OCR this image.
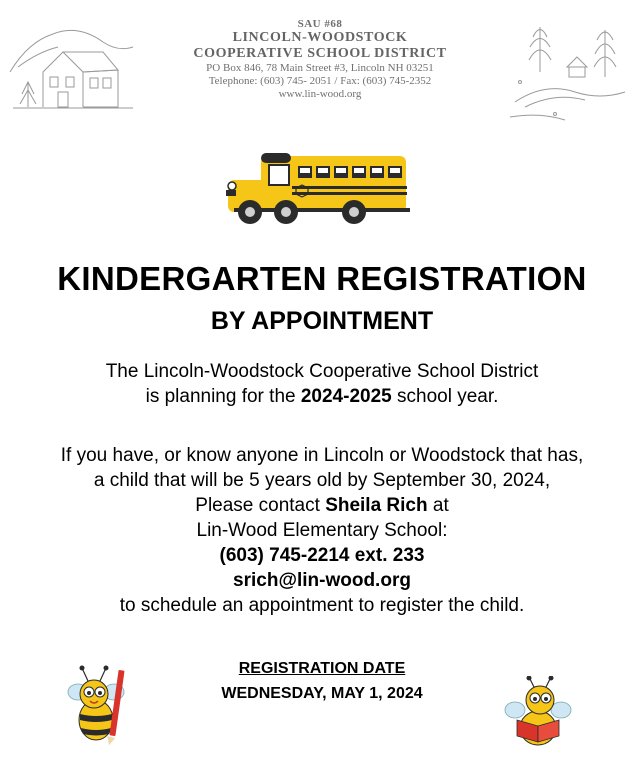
SAU #68
LINCOLN-WOODSTOCK
COOPERATIVE SCHOOL DISTRICT
PO Box 846, 78 Main Street #3, Lincoln NH 03251
Telephone: (603) 745- 2051 / Fax: (603) 745-2352
www.lin-wood.org
KINDERGARTEN REGISTRATION
BY APPOINTMENT
The Lincoln-Woodstock Cooperative School District
is planning for the 2024-2025 school year.
If you have, or know anyone in Lincoln or Woodstock that has,
a child that will be 5 years old by September 30, 2024,
Please contact Sheila Rich at
Lin-Wood Elementary School:
(603) 745-2214 ext. 233
srich@lin-wood.org
to schedule an appointment to register the child.
REGISTRATION DATE
WEDNESDAY, MAY 1, 2024
